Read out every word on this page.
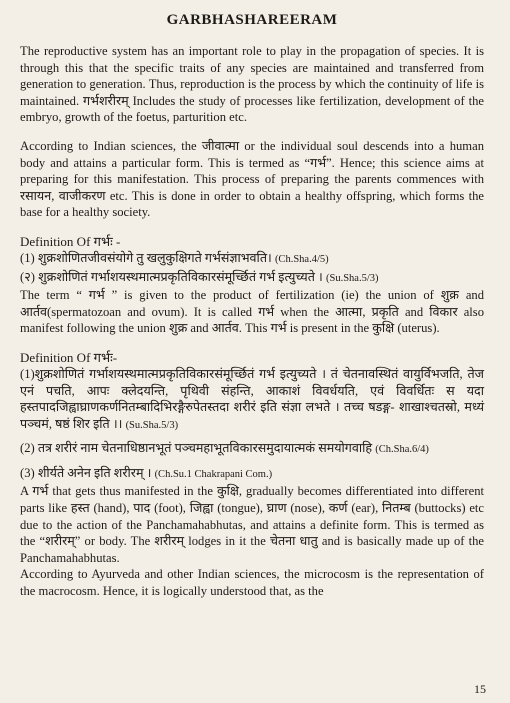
GARBHASHAREERAM

The reproductive system has an important role to play in the propagation of species. It is through this that the specific traits of any species are maintained and transferred from generation to generation. Thus, reproduction is the process by which the continuity of life is maintained. गर्भशरीरम् Includes the study of processes like fertilization, development of the embryo, growth of the foetus, parturition etc.

According to Indian sciences, the जीवात्मा or the individual soul descends into a human body and attains a particular form. This is termed as “गर्भ”. Hence; this science aims at preparing for this manifestation. This process of preparing the parents commences with रसायन, वाजीकरण etc. This is done in order to obtain a healthy offspring, which forms the base for a healthy society.

Definition Of गर्भः -
(1) शुक्रशोणितजीवसंयोगे तु खलुकुक्षिगते गर्भसंज्ञाभवति। (Ch.Sha.4/5)
(२) शुक्रशोणितं गर्भाशयस्थमात्मप्रकृतिविकारसंमूर्च्छितं गर्भ इत्युच्यते । (Su.Sha.5/3)

The term “ गर्भ ” is given to the product of fertilization (ie) the union of शुक्र and आर्तव(spermatozoan and ovum). It is called गर्भ when the आत्मा, प्रकृति and विकार also manifest following the union शुक्र and आर्तव. This गर्भ is present in the कुक्षि (uterus).

Definition Of गर्भः-

(1)शुक्रशोणितं गर्भाशयस्थमात्मप्रकृतिविकारसंमूर्च्छितं गर्भ इत्युच्यते । तं चेतनावस्थितं वायुर्विभजति, तेज एनं पचति, आपः क्लेदयन्ति, पृथिवी संहन्ति, आकाशं विवर्धयति, एवं विवर्धितः स यदा हस्तपादजिह्वाघ्राणकर्णनितम्बादिभिरङ्गैरुपेतस्तदा शरीरं इति संज्ञा लभते । तच्च षडङ्ग- शाखाश्चतस्रो, मध्यं पञ्चमं, षष्ठं शिर इति ।। (Su.Sha.5/3)

(2) तत्र शरीरं नाम चेतनाधिष्ठानभूतं पञ्चमहाभूतविकारसमुदायात्मकं समयोगवाहि (Ch.Sha.6/4)
(3) शीर्यते अनेन इति शरीरम् । (Ch.Su.1 Chakrapani Com.)

A गर्भ that gets thus manifested in the कुक्षि, gradually becomes differentiated into different parts like हस्त (hand), पाद (foot), जिह्वा (tongue), घ्राण (nose), कर्ण (ear), नितम्ब (buttocks) etc due to the action of the Panchamahabhutas, and attains a definite form. This is termed as the “शरीरम्” or body. The शरीरम् lodges in it the चेतना धातु and is basically made up of the Panchamahabhutas.

According to Ayurveda and other Indian sciences, the microcosm is the representation of the macrocosm. Hence, it is logically understood that, as the

15
